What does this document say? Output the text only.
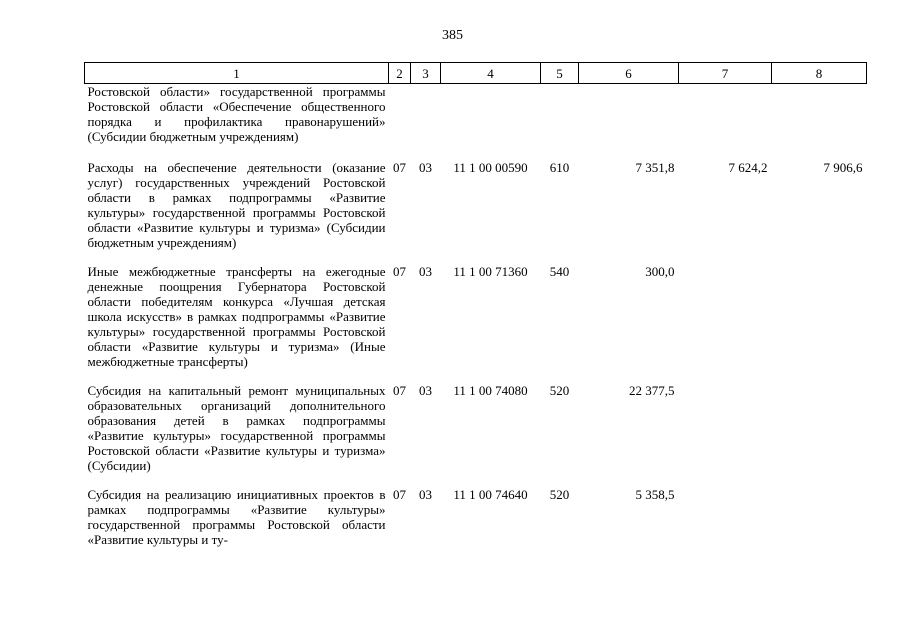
385
1	2	3	4	5	6	7	8
Ростовской области» государственной программы Ростовской области «Обеспечение общественного порядка и профилактика правонарушений» (Субсидии бюджетным учреждениям)							
Расходы на обеспечение деятельности (оказание услуг) государственных учреждений Ростовской области в рамках подпрограммы «Развитие культуры» государственной программы Ростовской области «Развитие культуры и туризма» (Субсидии бюджетным учреждениям)	07	03	11 1 00 00590	610	7 351,8	7 624,2	7 906,6
Иные межбюджетные трансферты на ежегодные денежные поощрения Губернатора Ростовской области победителям конкурса «Лучшая детская школа искусств» в рамках подпрограммы «Развитие культуры» государственной программы Ростовской области «Развитие культуры и туризма» (Иные межбюджетные трансферты)	07	03	11 1 00 71360	540	300,0		
Субсидия на капитальный ремонт муниципальных образовательных организаций дополнительного образования детей в рамках подпрограммы «Развитие культуры» государственной программы Ростовской области «Развитие культуры и туризма» (Субсидии)	07	03	11 1 00 74080	520	22 377,5		
Субсидия на реализацию инициативных проектов в рамках подпрограммы «Развитие культуры» государственной программы Ростовской области «Развитие культуры и ту-	07	03	11 1 00 74640	520	5 358,5		
